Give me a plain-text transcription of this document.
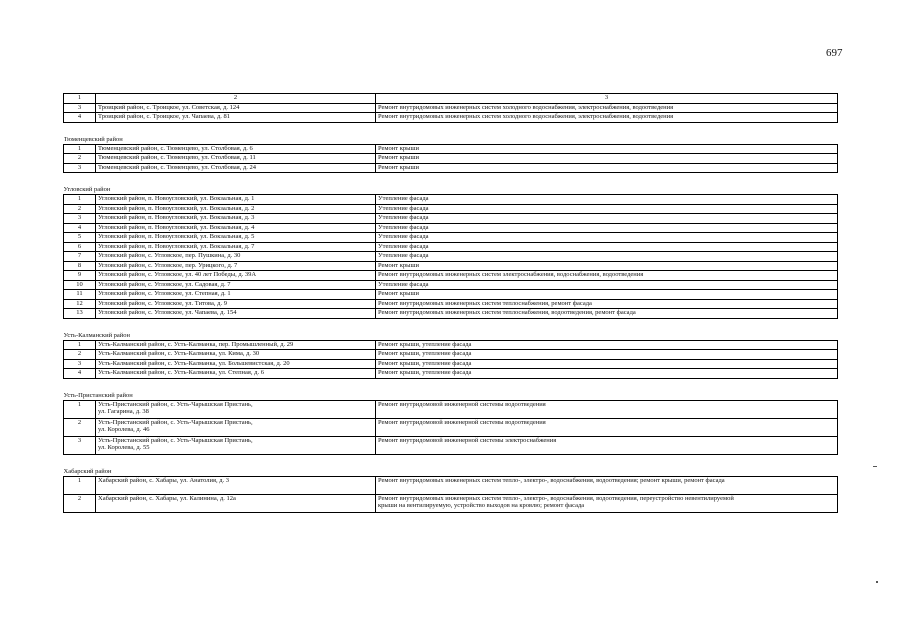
697
1	2	3
3	Троицкий район, с. Троицкое, ул. Советская, д. 124	Ремонт внутридомовых инженерных систем холодного водоснабжения, электроснабжения, водоотведения

4	Троицкий район, с. Троицкое, ул. Чапаева, д. 81	Ремонт внутридомовых инженерных систем холодного водоснабжения, электроснабжения, водоотведения

Тюменцевский район		
1	Тюменцевский район, с. Тюменцево, ул. Столбовая, д. 6	Ремонт крыши

2	Тюменцевский район, с. Тюменцево, ул. Столбовая, д. 11	Ремонт крыши

3	Тюменцевский район, с. Тюменцево, ул. Столбовая, д. 24	Ремонт крыши

Угловский район		
1	Угловский район, п. Новоугловский, ул. Вокзальная, д. 1	Утепление фасада

2	Угловский район, п. Новоугловский, ул. Вокзальная, д. 2	Утепление фасада

3	Угловский район, п. Новоугловский, ул. Вокзальная, д. 3	Утепление фасада

4	Угловский район, п. Новоугловский, ул. Вокзальная, д. 4	Утепление фасада

5	Угловский район, п. Новоугловский, ул. Вокзальная, д. 5	Утепление фасада

6	Угловский район, п. Новоугловский, ул. Вокзальная, д. 7	Утепление фасада

7	Угловский район, с. Угловское, пер. Пушкина, д. 30	Утепление фасада

8	Угловский район, с. Угловское, пер. Урицкого, д. 7	Ремонт крыши

9	Угловский район, с. Угловское, ул. 40 лет Победы, д. 39А	Ремонт внутридомовых инженерных систем электроснабжения, водоснабжения, водоотведения

10	Угловский район, с. Угловское, ул. Садовая, д. 7	Утепление фасада

11	Угловский район, с. Угловское, ул. Степная, д. 1	Ремонт крыши

12	Угловский район, с. Угловское, ул. Титова, д. 9	Ремонт внутридомовых инженерных систем теплоснабжения, ремонт фасада

13	Угловский район, с. Угловское, ул. Чапаева, д. 154	Ремонт внутридомовых инженерных систем теплоснабжения, водоотведения, ремонт фасада

Усть-Калманский район		
1	Усть-Калманский район, с. Усть-Калманка, пер. Промышленный, д. 29	Ремонт крыши, утепление фасада

2	Усть-Калманский район, с. Усть-Калманка, ул. Кима, д. 30	Ремонт крыши, утепление фасада

3	Усть-Калманский район, с. Усть-Калманка, ул. Большевистская, д. 20	Ремонт крыши, утепление фасада

4	Усть-Калманский район, с. Усть-Калманка, ул. Степная, д. 6	Ремонт крыши, утепление фасада

Усть-Пристанский район		
1	Усть-Пристанский район, с. Усть-Чарышская Пристань,
ул. Гагарина, д. 38	Ремонт внутридомовой инженерной системы водоотведения

2	Усть-Пристанский район, с. Усть-Чарышская Пристань,
ул. Королева, д. 46	Ремонт внутридомовой инженерной системы водоотведения

3	Усть-Пристанский район, с. Усть-Чарышская Пристань,
ул. Королева, д. 55	Ремонт внутридомовой инженерной системы электроснабжения

Хабарский район		
1	Хабарский район, с. Хабары, ул. Анатолия, д. 3	Ремонт внутридомовых инженерных систем тепло-, электро-, водоснабжения, водоотведения; ремонт крыши, ремонт фасада

2	Хабарский район, с. Хабары, ул. Калинина, д. 12а	Ремонт внутридомовых инженерных систем тепло-, электро-, водоснабжения, водоотведения, переустройство невентилируемой
крыши на вентилируемую, устройство выходов на кровлю; ремонт фасада
